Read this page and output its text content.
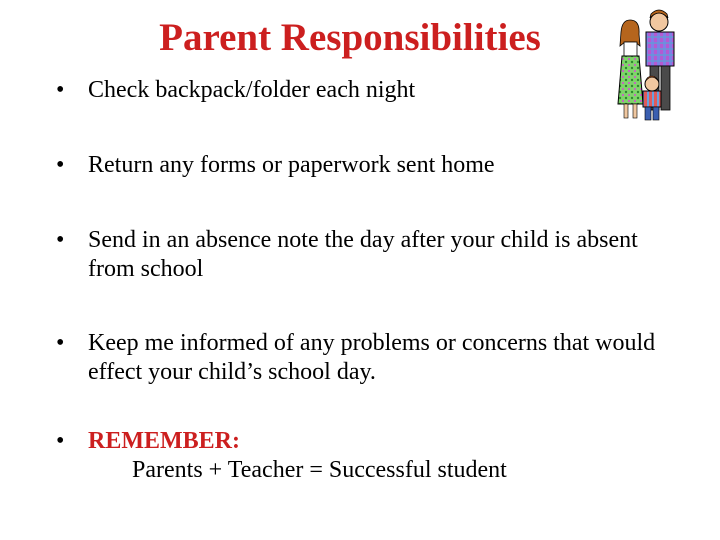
Parent Responsibilities
• Check backpack/folder each night
• Return any forms or paperwork sent home
• Send in an absence note the day after your child is absent from school
• Keep me informed of any problems or concerns that would effect your child’s school day.
• REMEMBER:
Parents + Teacher = Successful student
